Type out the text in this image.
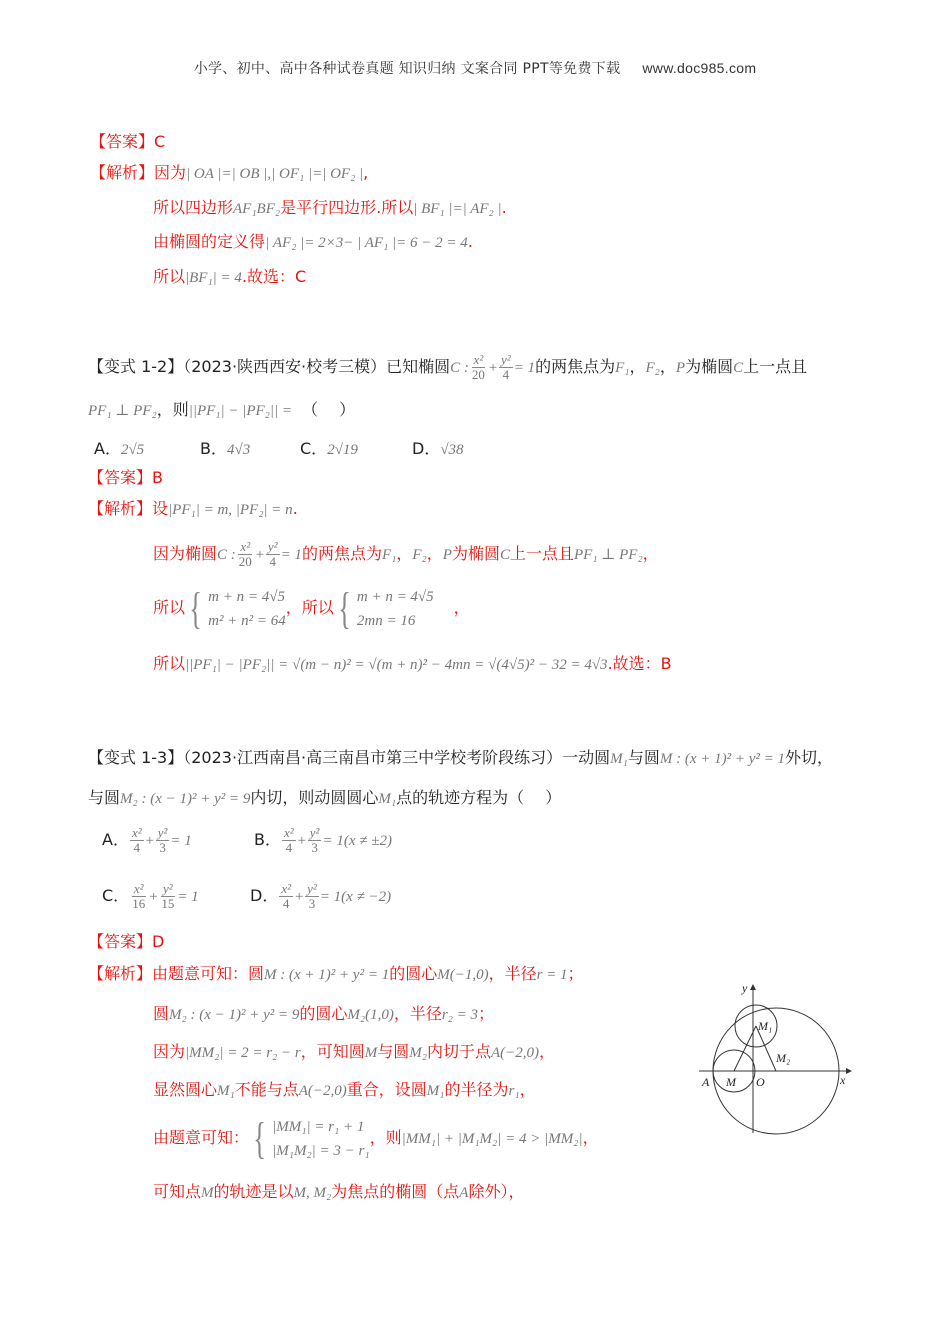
小学、初中、高中各种试卷真题 知识归纳 文案合同 PPT等免费下载 www.doc985.com
【答案】C
【解析】因为| OA |=| OB |,| OF₁ |=| OF₂ |,
所以四边形AF₁BF₂是平行四边形.所以| BF₁ |=| AF₂ |.
由椭圆的定义得| AF₂ |= 2×3− | AF₁ |= 6 − 2 = 4.
所以|BF₁| = 4.故选：C
【变式 1-2】（2023·陕西西安·校考三模）已知椭圆C : $\frac{\text{x²}}{20} + \frac{\text{y²}}{4} = 1$的两焦点为F₁，F₂，P为椭圆C上一点且
PF₁ ⊥ PF₂，则||PF₁| − |PF₂|| = （　 ）
A．2√5	B．4√3	C．2√19	D．√38
【答案】B
【解析】设|PF₁| = m, |PF₂| = n.
因为椭圆C : $\frac{\text{x²}}{20} + \frac{\text{y²}}{4} = 1$的两焦点为F₁，F₂，P为椭圆C上一点且PF₁ ⊥ PF₂，
所以 { m + n = 4√5
m² + n² = 64
，所以 { m + n = 4√5
2mn = 16
，
所以||PF₁| − |PF₂|| = √(m − n)² = √(m + n)² − 4mn = √(4√5)² − 32 = 4√3.故选：B
【变式 1-3】（2023·江西南昌·高三南昌市第三中学校考阶段练习）一动圆M₁与圆M : (x + 1)² + y² = 1外切，
与圆M₂ : (x − 1)² + y² = 9内切，则动圆圆心M₁点的轨迹方程为（　 ）
A． $\frac{\text{x²}}{4} + \frac{\text{y²}}{3} = 1$	B． $\frac{\text{x²}}{4} + \frac{\text{y²}}{3} = 1(x \ne \pm 2)$
C． $\frac{\text{x²}}{16} + \frac{\text{y²}}{15} = 1$	D． $\frac{\text{x²}}{4} + \frac{\text{y²}}{3} = 1(x \ne -2)$
【答案】D
【解析】由题意可知：圆M : (x + 1)² + y² = 1的圆心M(−1,0)，半径r = 1；
圆M₂ : (x − 1)² + y² = 9的圆心M₂(1,0)，半径r₂ = 3；
因为|MM₂| = 2 = r₂ − r，可知圆M与圆M₂内切于点A(−2,0)，
显然圆心M₁不能与点A(−2,0)重合，设圆M₁的半径为r₁，
由题意可知： { |MM₁| = r₁ + 1
|M₁M₂| = 3 − r₁
，则|MM₁| + |M₁M₂| = 4 > |MM₂|，
可知点M的轨迹是以M, M₂为焦点的椭圆（点A除外），
y
x
M₁
M₂
A M O
